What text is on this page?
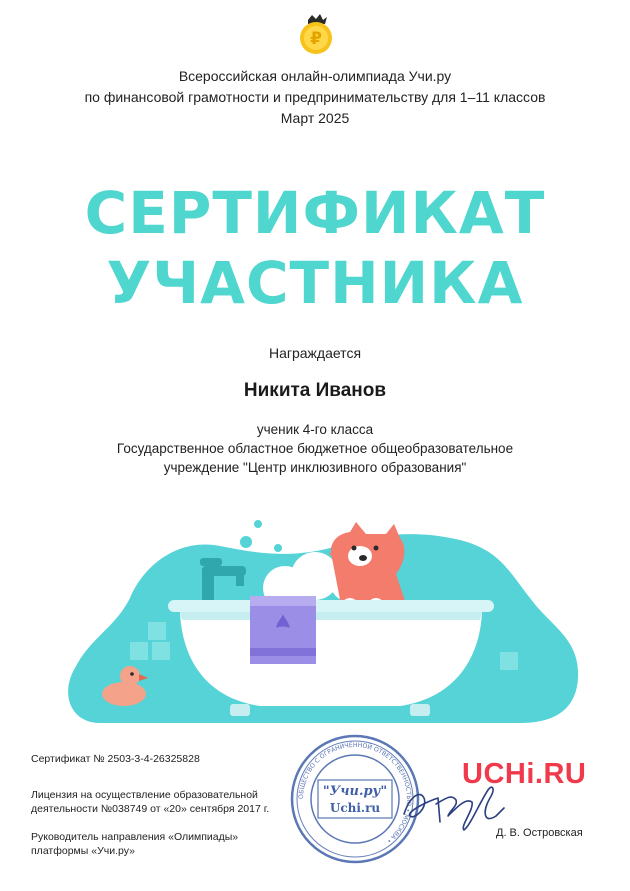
₽
Всероссийская онлайн-олимпиада Учи.ру
по финансовой грамотности и предпринимательству для 1–11 классов
Март 2025
СЕРТИФИКАТ
УЧАСТНИКА
Награждается
Никита Иванов
ученик 4-го класса
Государственное областное бюджетное общеобразовательное
учреждение "Центр инклюзивного образования"
Сертификат № 2503-3-4-26325828
Лицензия на осуществление образовательной
деятельности №038749 от «20» сентября 2017 г.
Руководитель направления «Олимпиады»
платформы «Учи.ру»
ОБЩЕСТВО С ОГРАНИЧЕННОЙ ОТВЕТСТВЕННОСТЬЮ • МОСКВА •
"Учи.ру"
Uchi.ru
UCHi.RU
Д. В. Островская
